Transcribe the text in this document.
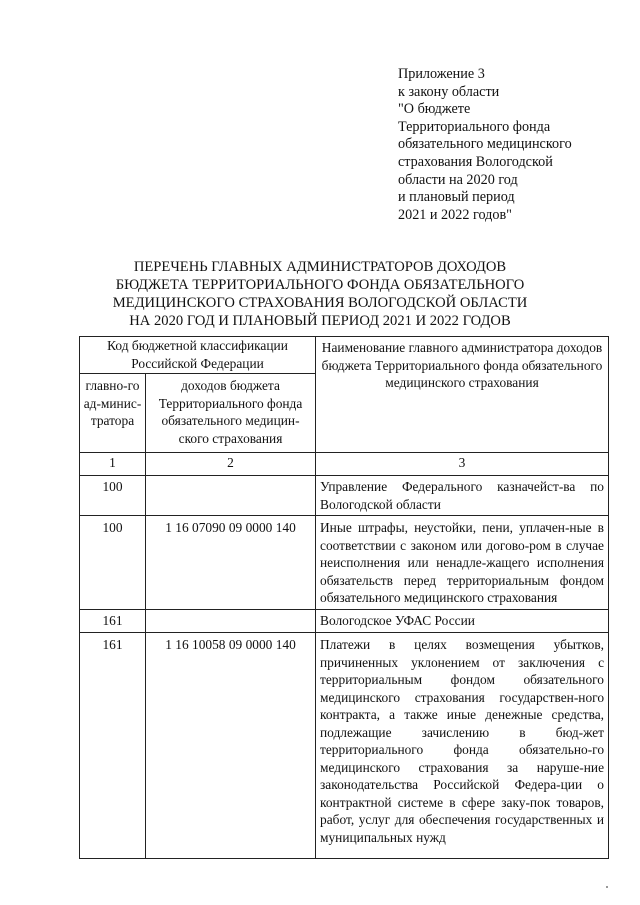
Приложение 3
к закону области
"О бюджете
Территориального фонда
обязательного медицинского
страхования Вологодской
области на 2020 год
и плановый период
2021 и 2022 годов"
ПЕРЕЧЕНЬ ГЛАВНЫХ АДМИНИСТРАТОРОВ ДОХОДОВ
БЮДЖЕТА ТЕРРИТОРИАЛЬНОГО ФОНДА ОБЯЗАТЕЛЬНОГО
МЕДИЦИНСКОГО СТРАХОВАНИЯ ВОЛОГОДСКОЙ ОБЛАСТИ
НА 2020 ГОД И ПЛАНОВЫЙ ПЕРИОД 2021 И 2022 ГОДОВ
Код бюджетной классификации Российской Федерации		Наименование главного администратора доходов бюджета Территориального фонда обязательного медицинского страхования
главно-го ад-минис-тратора	доходов бюджета Территориального фонда обязательного медицин-ского страхования	
1	2	3
100		Управление Федерального казначейст-ва по Вологодской области
100	1 16 07090 09 0000 140	Иные штрафы, неустойки, пени, уплачен-ные в соответствии с законом или догово-ром в случае неисполнения или ненадле-жащего исполнения обязательств перед территориальным фондом обязательного медицинского страхования
161		Вологодское УФАС России
161	1 16 10058 09 0000 140	Платежи в целях возмещения убытков, причиненных уклонением от заключения с территориальным фондом обязательного медицинского страхования государствен-ного контракта, а также иные денежные средства, подлежащие зачислению в бюд-жет территориального фонда обязательно-го медицинского страхования за наруше-ние законодательства Российской Федера-ции о контрактной системе в сфере заку-пок товаров, работ, услуг для обеспечения государственных и муниципальных нужд
